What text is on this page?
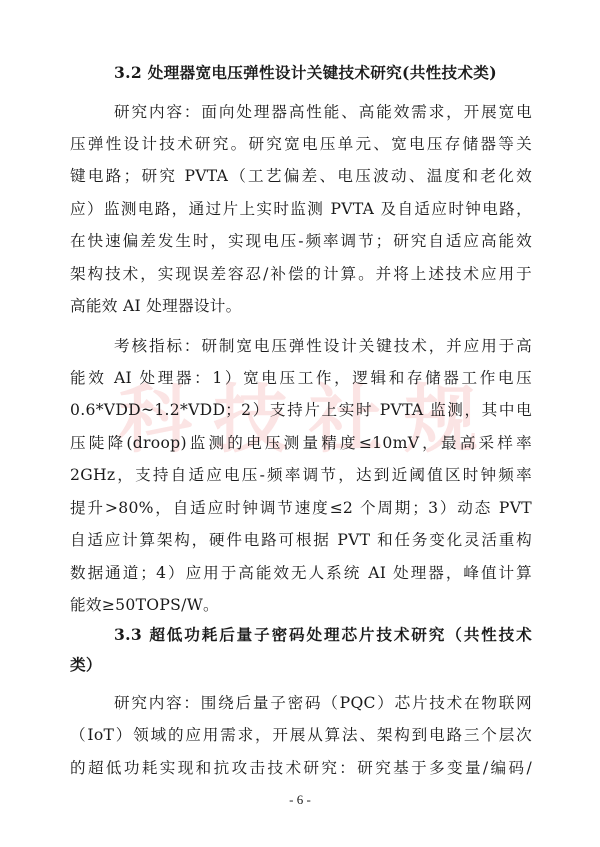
科 技 社 规
3.2 处理器宽电压弹性设计关键技术研究(共性技术类)
研究内容：面向处理器高性能、高能效需求，开展宽电
压弹性设计技术研究。研究宽电压单元、宽电压存储器等关
键电路；研究 PVTA（工艺偏差、电压波动、温度和老化效
应）监测电路，通过片上实时监测 PVTA 及自适应时钟电路，
在快速偏差发生时，实现电压-频率调节；研究自适应高能效
架构技术，实现误差容忍/补偿的计算。并将上述技术应用于
高能效 AI 处理器设计。
考核指标：研制宽电压弹性设计关键技术，并应用于高
能效 AI 处理器：1）宽电压工作，逻辑和存储器工作电压
0.6*VDD~1.2*VDD；2）支持片上实时 PVTA 监测，其中电
压陡降(droop)监测的电压测量精度≤10mV，最高采样率
2GHz，支持自适应电压-频率调节，达到近阈值区时钟频率
提升>80%，自适应时钟调节速度≤2 个周期；3）动态 PVT
自适应计算架构，硬件电路可根据 PVT 和任务变化灵活重构
数据通道；4）应用于高能效无人系统 AI 处理器，峰值计算
能效≥50TOPS/W。
3.3 超低功耗后量子密码处理芯片技术研究（共性技术
类）
研究内容：围绕后量子密码（PQC）芯片技术在物联网
（IoT）领域的应用需求，开展从算法、架构到电路三个层次
的超低功耗实现和抗攻击技术研究：研究基于多变量/编码/
- 6 -
